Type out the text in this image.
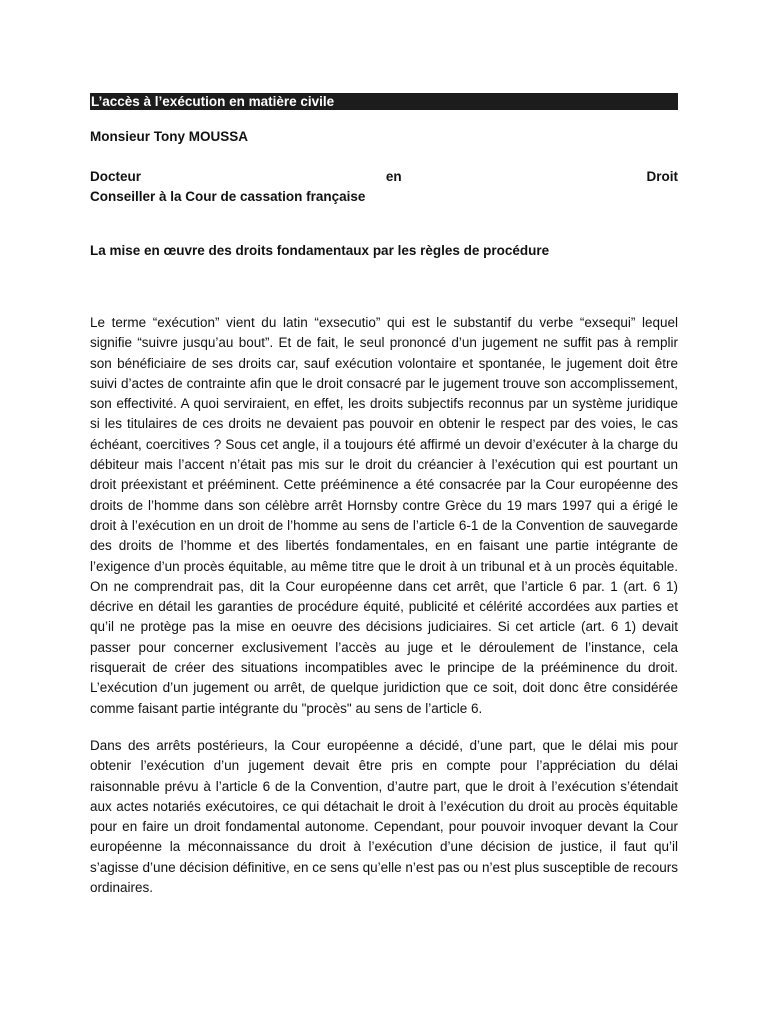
L’accès à l’exécution en matière civile
Monsieur Tony MOUSSA
Docteur	en	Droit
Conseiller à la Cour de cassation française
La mise en œuvre des droits fondamentaux par les règles de procédure

Le terme “exécution” vient du latin “exsecutio” qui est le substantif du verbe “exsequi” lequel signifie “suivre jusqu’au bout”. Et de fait, le seul prononcé d’un jugement ne suffit pas à remplir son bénéficiaire de ses droits car, sauf exécution volontaire et spontanée, le jugement doit être suivi d’actes de contrainte afin que le droit consacré par le jugement trouve son accomplissement, son effectivité. A quoi serviraient, en effet, les droits subjectifs reconnus par un système juridique si les titulaires de ces droits ne devaient pas pouvoir en obtenir le respect par des voies, le cas échéant, coercitives ? Sous cet angle, il a toujours été affirmé un devoir d’exécuter à la charge du débiteur mais l’accent n’était pas mis sur le droit du créancier à l’exécution qui est pourtant un droit préexistant et prééminent. Cette prééminence a été consacrée par la Cour européenne des droits de l’homme dans son célèbre arrêt Hornsby contre Grèce du 19 mars 1997 qui a érigé le droit à l’exécution en un droit de l’homme au sens de l’article 6-1 de la Convention de sauvegarde des droits de l’homme et des libertés fondamentales, en en faisant une partie intégrante de l’exigence d’un procès équitable, au même titre que le droit à un tribunal et à un procès équitable. On ne comprendrait pas, dit la Cour européenne dans cet arrêt, que l’article 6 par. 1 (art. 6 1) décrive en détail les garanties de procédure équité, publicité et célérité accordées aux parties et qu’il ne protège pas la mise en oeuvre des décisions judiciaires. Si cet article (art. 6 1) devait passer pour concerner exclusivement l’accès au juge et le déroulement de l’instance, cela risquerait de créer des situations incompatibles avec le principe de la prééminence du droit. L’exécution d’un jugement ou arrêt, de quelque juridiction que ce soit, doit donc être considérée comme faisant partie intégrante du "procès" au sens de l’article 6.

Dans des arrêts postérieurs, la Cour européenne a décidé, d’une part, que le délai mis pour obtenir l’exécution d’un jugement devait être pris en compte pour l’appréciation du délai raisonnable prévu à l’article 6 de la Convention, d’autre part, que le droit à l’exécution s’étendait aux actes notariés exécutoires, ce qui détachait le droit à l’exécution du droit au procès équitable pour en faire un droit fondamental autonome. Cependant, pour pouvoir invoquer devant la Cour européenne la méconnaissance du droit à l’exécution d’une décision de justice, il faut qu’il s’agisse d’une décision définitive, en ce sens qu’elle n’est pas ou n’est plus susceptible de recours ordinaires.
